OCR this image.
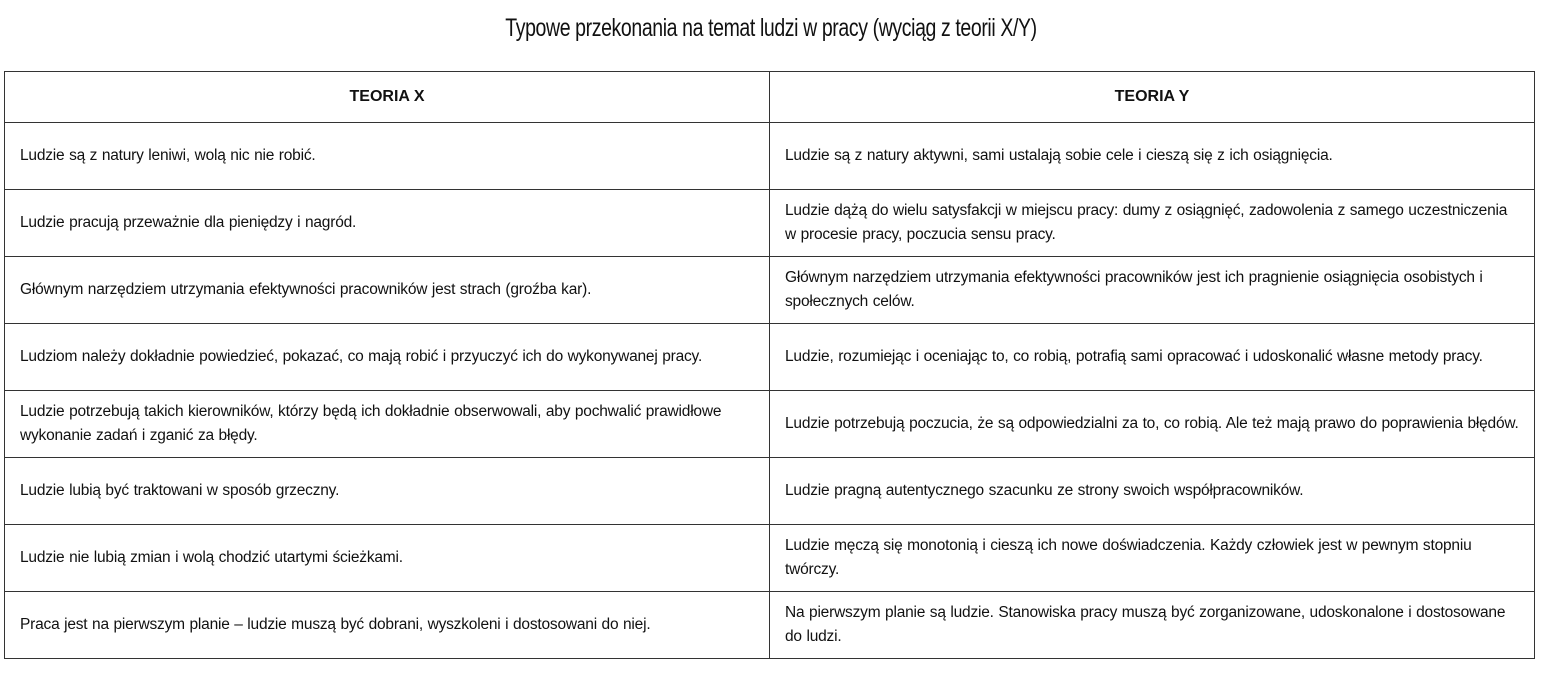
Typowe przekonania na temat ludzi w pracy (wyciąg z teorii X/Y)
TEORIA X	TEORIA Y

Ludzie są z natury leniwi, wolą nic nie robić.	Ludzie są z natury aktywni, sami ustalają sobie cele i cieszą się z ich osiągnięcia.

Ludzie pracują przeważnie dla pieniędzy i nagród.	Ludzie dążą do wielu satysfakcji w miejscu pracy: dumy z osiągnięć, zadowolenia z samego uczestniczenia w procesie pracy, poczucia sensu pracy.

Głównym narzędziem utrzymania efektywności pracowników jest strach (groźba kar).	Głównym narzędziem utrzymania efektywności pracowników jest ich pragnienie osiągnięcia osobistych i społecznych celów.

Ludziom należy dokładnie powiedzieć, pokazać, co mają robić i przyuczyć ich do wykonywanej pracy.	Ludzie, rozumiejąc i oceniając to, co robią, potrafią sami opracować i udoskonalić własne metody pracy.

Ludzie potrzebują takich kierowników, którzy będą ich dokładnie obserwowali, aby pochwalić prawidłowe wykonanie zadań i zganić za błędy.	Ludzie potrzebują poczucia, że są odpowiedzialni za to, co robią. Ale też mają prawo do poprawienia błędów.

Ludzie lubią być traktowani w sposób grzeczny.	Ludzie pragną autentycznego szacunku ze strony swoich współpracowników.

Ludzie nie lubią zmian i wolą chodzić utartymi ścieżkami.	Ludzie męczą się monotonią i cieszą ich nowe doświadczenia. Każdy człowiek jest w pewnym stopniu twórczy.

Praca jest na pierwszym planie – ludzie muszą być dobrani, wyszkoleni i dostosowani do niej.	Na pierwszym planie są ludzie. Stanowiska pracy muszą być zorganizowane, udoskonalone i dostosowane do ludzi.
